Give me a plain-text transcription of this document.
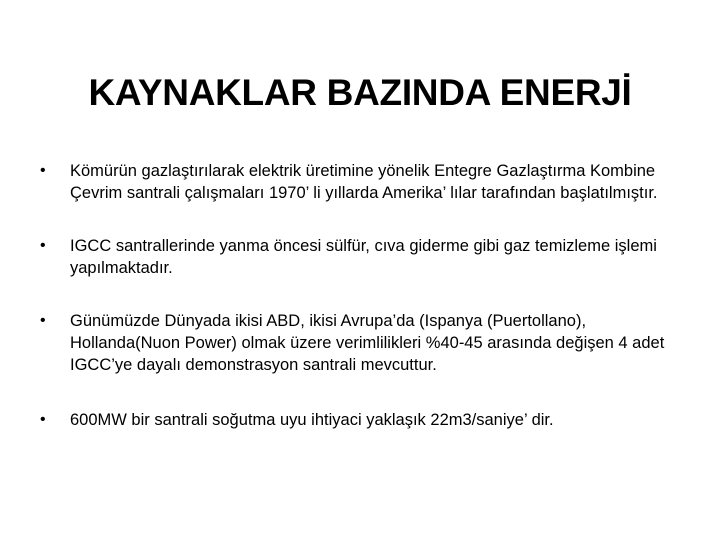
KAYNAKLAR BAZINDA ENERJİ
• Kömürün gazlaştırılarak elektrik üretimine yönelik Entegre Gazlaştırma Kombine Çevrim santrali çalışmaları 1970’ li yıllarda Amerika’ lılar tarafından başlatılmıştır.
• IGCC santrallerinde yanma öncesi sülfür, cıva giderme gibi gaz temizleme işlemi yapılmaktadır.
• Günümüzde Dünyada ikisi ABD, ikisi Avrupa’da (Ispanya (Puertollano), Hollanda(Nuon Power) olmak üzere verimlilikleri %40-45 arasında değişen 4 adet IGCC’ye dayalı demonstrasyon santrali mevcuttur.
• 600MW bir santrali soğutma uyu ihtiyaci yaklaşık 22m3/saniye’ dir.
